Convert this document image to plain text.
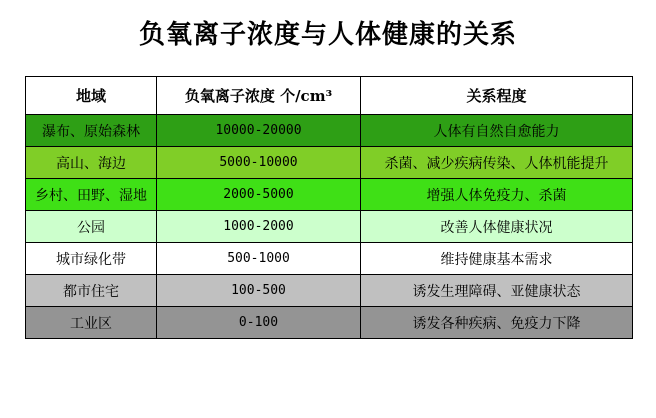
负氧离子浓度与人体健康的关系
地域	负氧离子浓度 个/cm³	关系程度
瀑布、原始森林	10000-20000	人体有自然自愈能力
高山、海边	5000-10000	杀菌、减少疾病传染、人体机能提升
乡村、田野、湿地	2000-5000	增强人体免疫力、杀菌
公园	1000-2000	改善人体健康状况
城市绿化带	500-1000	维持健康基本需求
都市住宅	100-500	诱发生理障碍、亚健康状态
工业区	0-100	诱发各种疾病、免疫力下降
